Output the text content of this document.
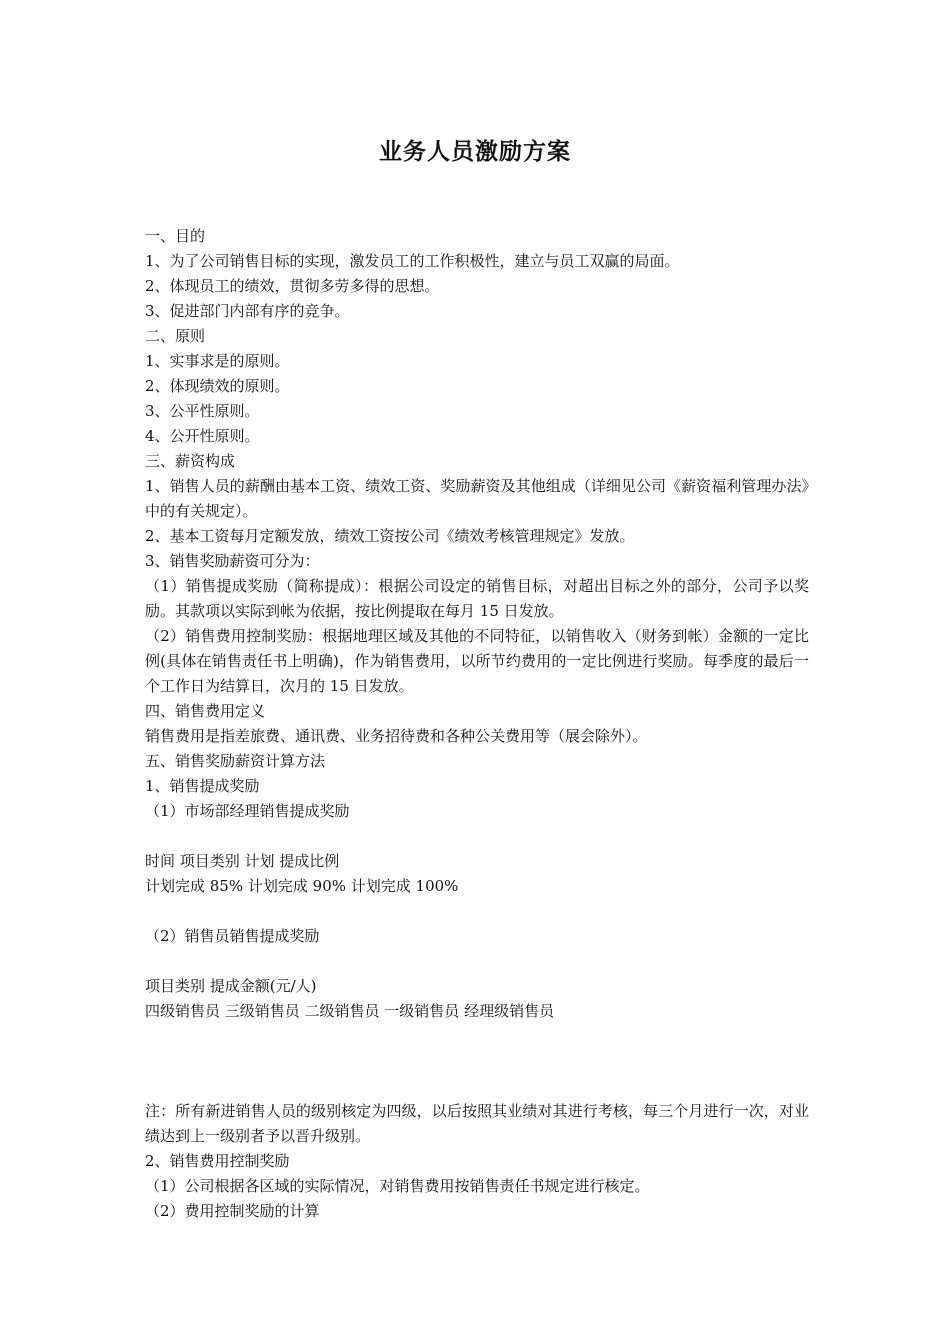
业务人员激励方案

一、目的

1、为了公司销售目标的实现，激发员工的工作积极性，建立与员工双赢的局面。

2、体现员工的绩效，贯彻多劳多得的思想。

3、促进部门内部有序的竞争。

二、原则

1、实事求是的原则。

2、体现绩效的原则。

3、公平性原则。

4、公开性原则。

三、薪资构成

1、销售人员的薪酬由基本工资、绩效工资、奖励薪资及其他组成（详细见公司《薪资福利管理办法》中的有关规定）。

2、基本工资每月定额发放，绩效工资按公司《绩效考核管理规定》发放。

3、销售奖励薪资可分为：

（1）销售提成奖励（简称提成）：根据公司设定的销售目标，对超出目标之外的部分，公司予以奖励。其款项以实际到帐为依据，按比例提取在每月 15 日发放。

（2）销售费用控制奖励：根据地理区域及其他的不同特征，以销售收入（财务到帐）金额的一定比例(具体在销售责任书上明确)，作为销售费用，以所节约费用的一定比例进行奖励。每季度的最后一个工作日为结算日，次月的 15 日发放。

四、销售费用定义

销售费用是指差旅费、通讯费、业务招待费和各种公关费用等（展会除外）。

五、销售奖励薪资计算方法

1、销售提成奖励

（1）市场部经理销售提成奖励

时间 项目类别 计划 提成比例

计划完成 85% 计划完成 90% 计划完成 100%

（2）销售员销售提成奖励

项目类别 提成金额(元/人)

四级销售员 三级销售员 二级销售员 一级销售员 经理级销售员

注：所有新进销售人员的级别核定为四级，以后按照其业绩对其进行考核，每三个月进行一次，对业绩达到上一级别者予以晋升级别。

2、销售费用控制奖励

（1）公司根据各区域的实际情况，对销售费用按销售责任书规定进行核定。

（2）费用控制奖励的计算
